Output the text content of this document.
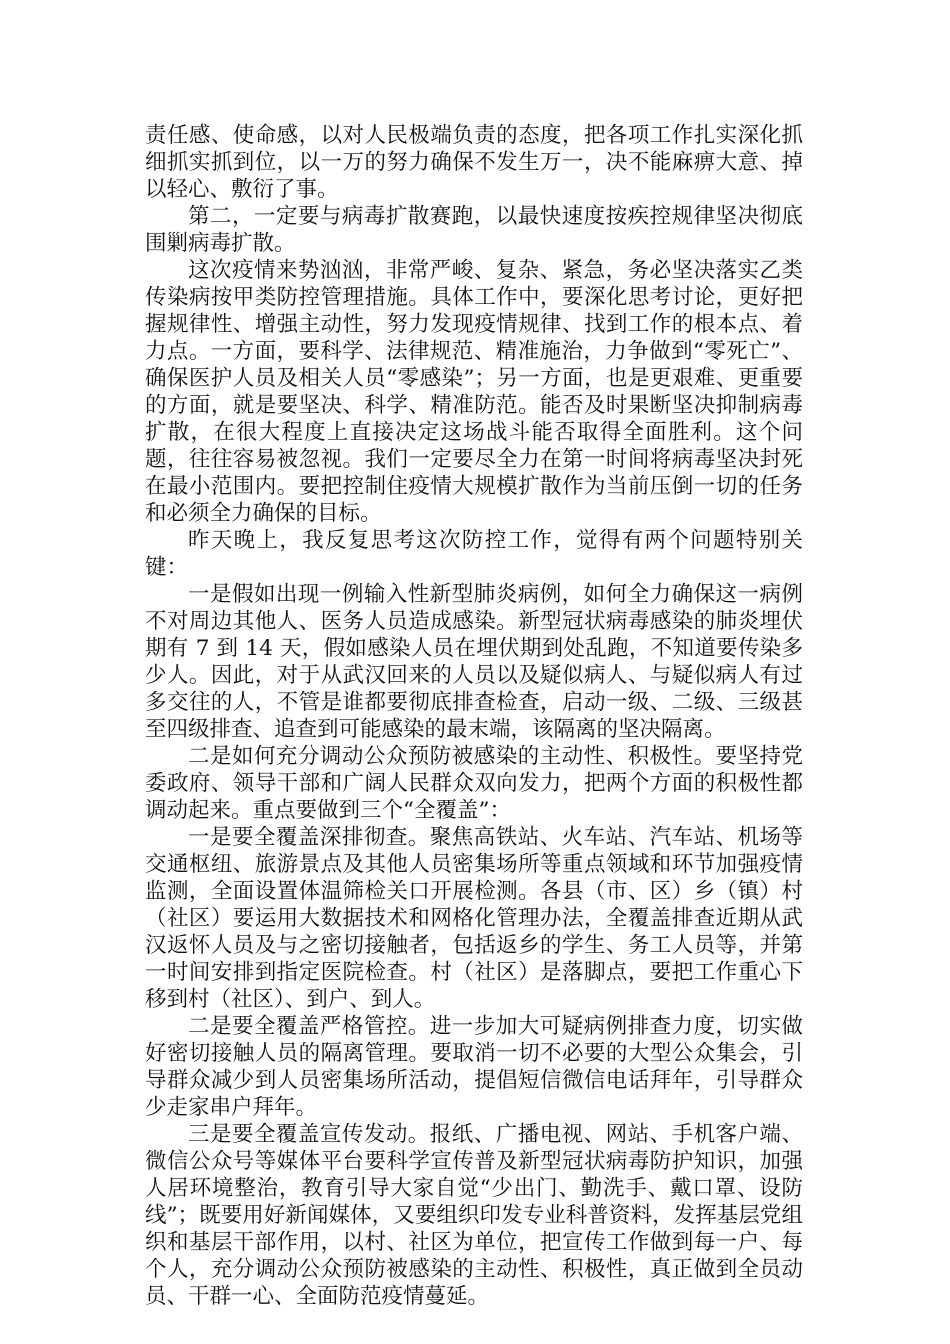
责任感、使命感，以对人民极端负责的态度，把各项工作扎实深化抓细抓实抓到位，以一万的努力确保不发生万一，决不能麻痹大意、掉以轻心、敷衍了事。

第二，一定要与病毒扩散赛跑，以最快速度按疾控规律坚决彻底围剿病毒扩散。

这次疫情来势汹汹，非常严峻、复杂、紧急，务必坚决落实乙类传染病按甲类防控管理措施。具体工作中，要深化思考讨论，更好把握规律性、增强主动性，努力发现疫情规律、找到工作的根本点、着力点。一方面，要科学、法律规范、精准施治，力争做到“零死亡”、确保医护人员及相关人员“零感染”；另一方面，也是更艰难、更重要的方面，就是要坚决、科学、精准防范。能否及时果断坚决抑制病毒扩散，在很大程度上直接决定这场战斗能否取得全面胜利。这个问题，往往容易被忽视。我们一定要尽全力在第一时间将病毒坚决封死在最小范围内。要把控制住疫情大规模扩散作为当前压倒一切的任务和必须全力确保的目标。

昨天晚上，我反复思考这次防控工作，觉得有两个问题特别关键：

一是假如出现一例输入性新型肺炎病例，如何全力确保这一病例不对周边其他人、医务人员造成感染。新型冠状病毒感染的肺炎埋伏期有 7 到 14 天，假如感染人员在埋伏期到处乱跑，不知道要传染多少人。因此，对于从武汉回来的人员以及疑似病人、与疑似病人有过多交往的人，不管是谁都要彻底排查检查，启动一级、二级、三级甚至四级排查、追查到可能感染的最末端，该隔离的坚决隔离。

二是如何充分调动公众预防被感染的主动性、积极性。要坚持党委政府、领导干部和广阔人民群众双向发力，把两个方面的积极性都调动起来。重点要做到三个“全覆盖”：

一是要全覆盖深排彻查。聚焦高铁站、火车站、汽车站、机场等交通枢纽、旅游景点及其他人员密集场所等重点领域和环节加强疫情监测，全面设置体温筛检关口开展检测。各县（市、区）乡（镇）村（社区）要运用大数据技术和网格化管理办法，全覆盖排查近期从武汉返怀人员及与之密切接触者，包括返乡的学生、务工人员等，并第一时间安排到指定医院检查。村（社区）是落脚点，要把工作重心下移到村（社区）、到户、到人。

二是要全覆盖严格管控。进一步加大可疑病例排查力度，切实做好密切接触人员的隔离管理。要取消一切不必要的大型公众集会，引导群众减少到人员密集场所活动，提倡短信微信电话拜年，引导群众少走家串户拜年。

三是要全覆盖宣传发动。报纸、广播电视、网站、手机客户端、微信公众号等媒体平台要科学宣传普及新型冠状病毒防护知识，加强人居环境整治，教育引导大家自觉“少出门、勤洗手、戴口罩、设防线”；既要用好新闻媒体，又要组织印发专业科普资料，发挥基层党组织和基层干部作用，以村、社区为单位，把宣传工作做到每一户、每个人，充分调动公众预防被感染的主动性、积极性，真正做到全员动员、干群一心、全面防范疫情蔓延。
